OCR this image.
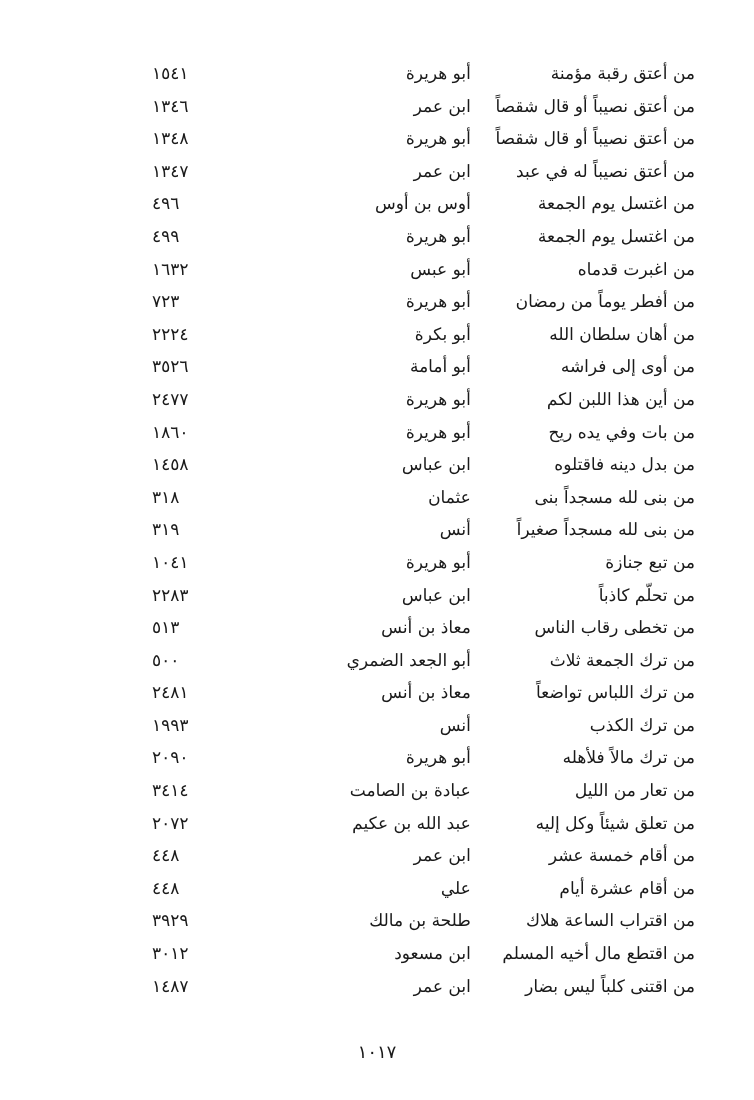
من أعتق رقبة مؤمنة
أبو هريرة
١٥٤١
من أعتق نصيباً أو قال شقصاً
ابن عمر
١٣٤٦
من أعتق نصيباً أو قال شقصاً
أبو هريرة
١٣٤٨
من أعتق نصيباً له في عبد
ابن عمر
١٣٤٧
من اغتسل يوم الجمعة
أوس بن أوس
٤٩٦
من اغتسل يوم الجمعة
أبو هريرة
٤٩٩
من اغبرت قدماه
أبو عبس
١٦٣٢
من أفطر يوماً من رمضان
أبو هريرة
٧٢٣
من أهان سلطان الله
أبو بكرة
٢٢٢٤
من أوى إلى فراشه
أبو أمامة
٣٥٢٦
من أين هذا اللبن لكم
أبو هريرة
٢٤٧٧
من بات وفي يده ريح
أبو هريرة
١٨٦٠
من بدل دينه فاقتلوه
ابن عباس
١٤٥٨
من بنى لله مسجداً بنى
عثمان
٣١٨
من بنى لله مسجداً صغيراً
أنس
٣١٩
من تبع جنازة
أبو هريرة
١٠٤١
من تحلّم كاذباً
ابن عباس
٢٢٨٣
من تخطى رقاب الناس
معاذ بن أنس
٥١٣
من ترك الجمعة ثلاث
أبو الجعد الضمري
٥٠٠
من ترك اللباس تواضعاً
معاذ بن أنس
٢٤٨١
من ترك الكذب
أنس
١٩٩٣
من ترك مالاً فلأهله
أبو هريرة
٢٠٩٠
من تعار من الليل
عبادة بن الصامت
٣٤١٤
من تعلق شيئاً وكل إليه
عبد الله بن عكيم
٢٠٧٢
من أقام خمسة عشر
ابن عمر
٤٤٨
من أقام عشرة أيام
علي
٤٤٨
من اقتراب الساعة هلاك
طلحة بن مالك
٣٩٢٩
من اقتطع مال أخيه المسلم
ابن مسعود
٣٠١٢
من اقتنى كلباً ليس بضار
ابن عمر
١٤٨٧
١٠١٧
